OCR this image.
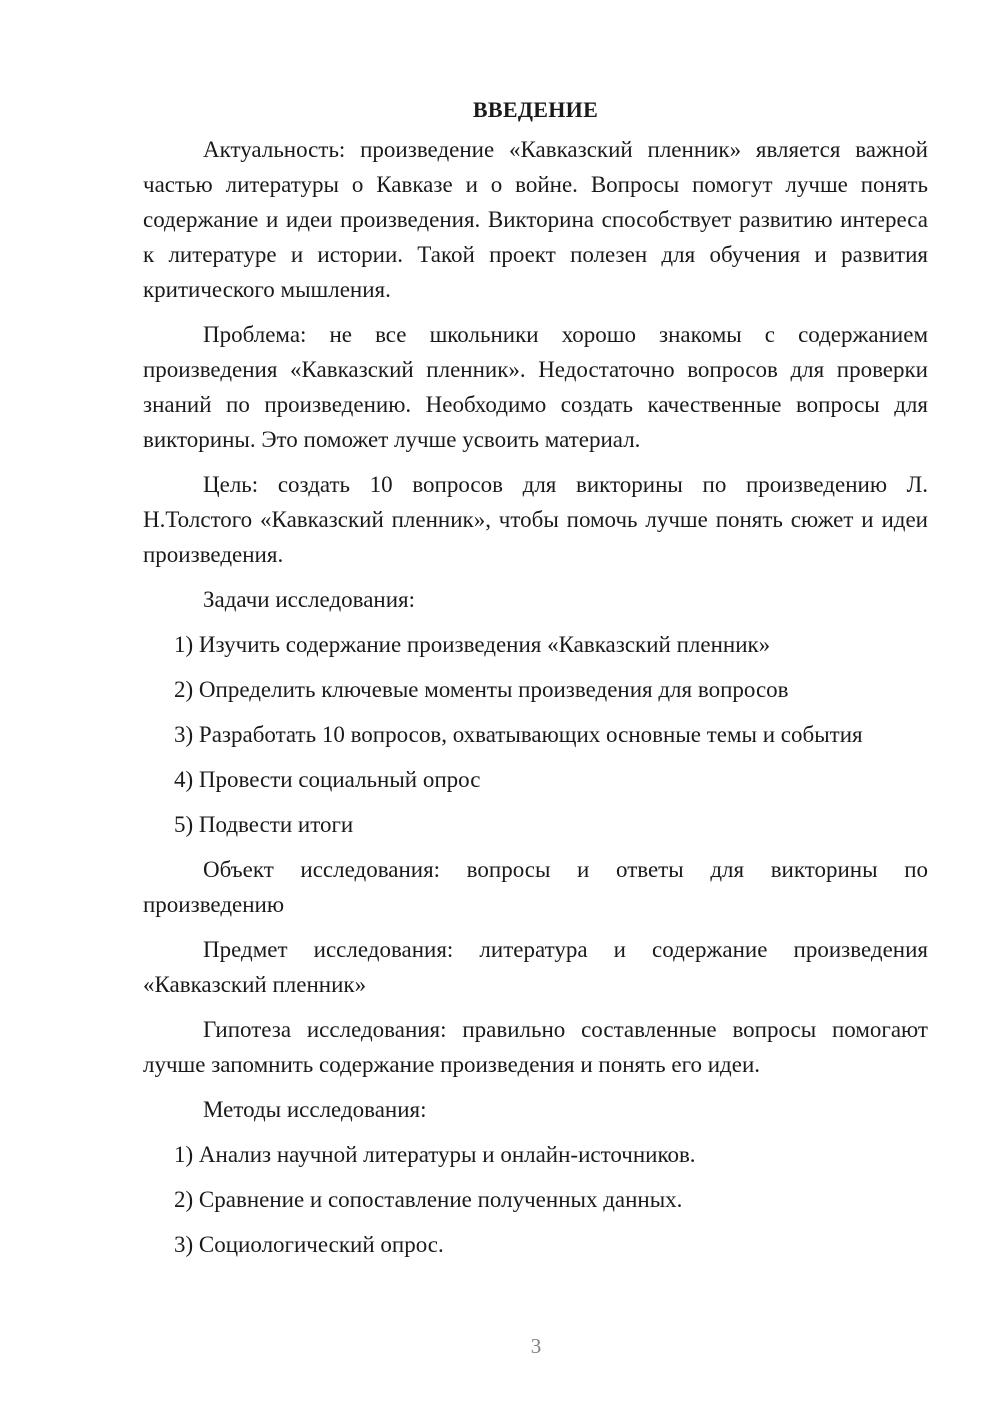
ВВЕДЕНИЕ

Актуальность: произведение «Кавказский пленник» является важной частью литературы о Кавказе и о войне. Вопросы помогут лучше понять содержание и идеи произведения. Викторина способствует развитию интереса к литературе и истории. Такой проект полезен для обучения и развития критического мышления.

Проблема: не все школьники хорошо знакомы с содержанием произведения «Кавказский пленник». Недостаточно вопросов для проверки знаний по произведению. Необходимо создать качественные вопросы для викторины. Это поможет лучше усвоить материал.

Цель: создать 10 вопросов для викторины по произведению Л. Н.Толстого «Кавказский пленник», чтобы помочь лучше понять сюжет и идеи произведения.

Задачи исследования:

1) Изучить содержание произведения «Кавказский пленник»

2) Определить ключевые моменты произведения для вопросов

3) Разработать 10 вопросов, охватывающих основные темы и события

4) Провести социальный опрос

5) Подвести итоги

Объект исследования: вопросы и ответы для викторины по произведению

Предмет исследования: литература и содержание произведения «Кавказский пленник»

Гипотеза исследования: правильно составленные вопросы помогают лучше запомнить содержание произведения и понять его идеи.

Методы исследования:

1) Анализ научной литературы и онлайн-источников.

2) Сравнение и сопоставление полученных данных.

3) Социологический опрос.

3
